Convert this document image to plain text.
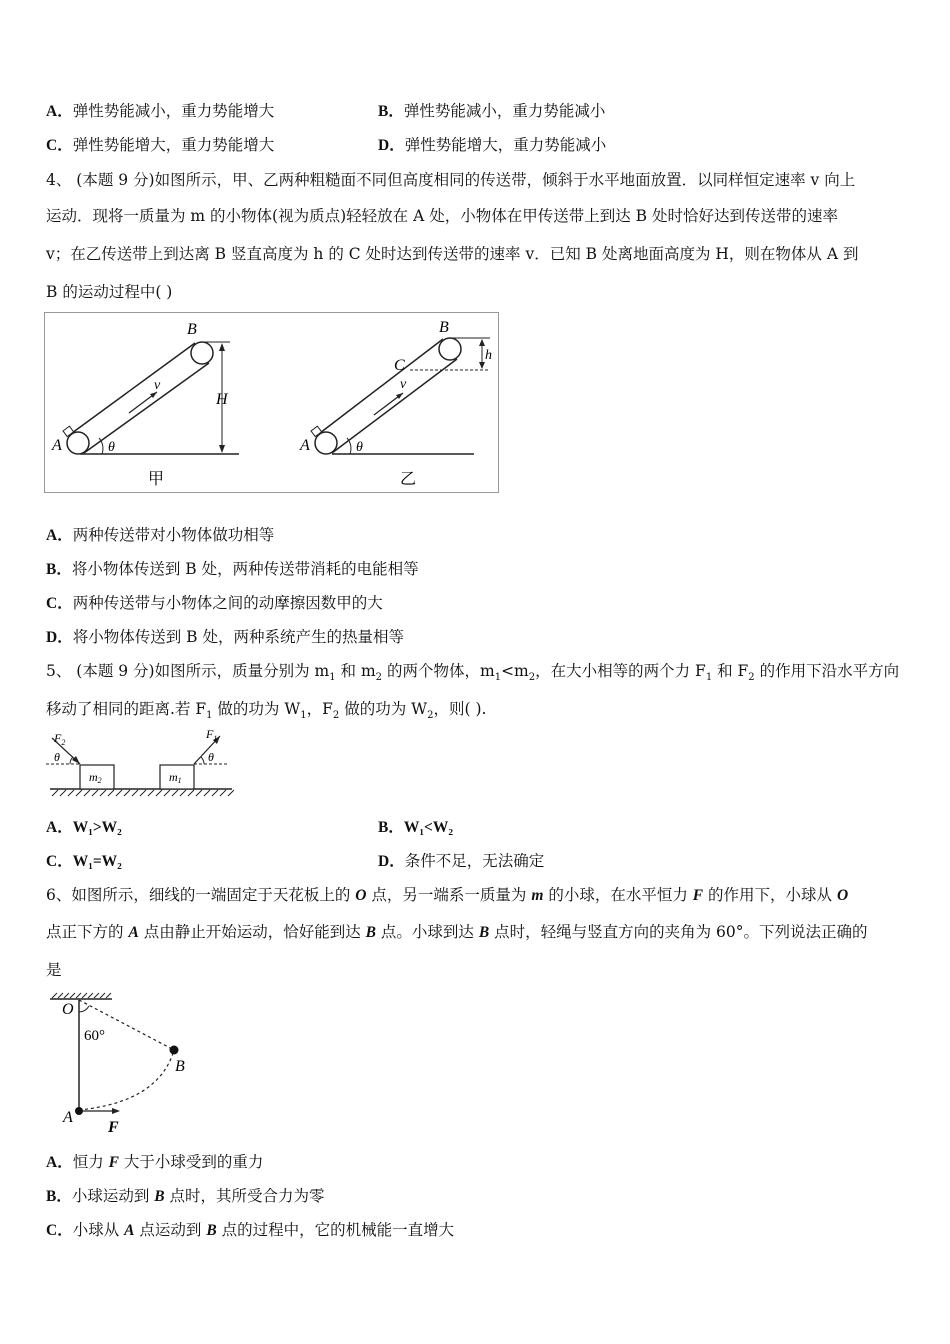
A．弹性势能减小，重力势能增大	B．弹性势能减小，重力势能减小
C．弹性势能增大，重力势能增大	D．弹性势能增大，重力势能减小
4、 (本题 9 分)如图所示，甲、乙两种粗糙面不同但高度相同的传送带，倾斜于水平地面放置．以同样恒定速率 v 向上
运动．现将一质量为 m 的小物体(视为质点)轻轻放在 A 处，小物体在甲传送带上到达 B 处时恰好达到传送带的速率
v；在乙传送带上到达离 B 竖直高度为 h 的 C 处时达到传送带的速率 v．已知 B 处离地面高度为 H，则在物体从 A 到
B 的运动过程中( )
B
A
v
θ
H
甲
B
C
A
v
θ
h
乙
A．两种传送带对小物体做功相等
B．将小物体传送到 B 处，两种传送带消耗的电能相等
C．两种传送带与小物体之间的动摩擦因数甲的大
D．将小物体传送到 B 处，两种系统产生的热量相等
5、 (本题 9 分)如图所示，质量分别为 $m_1$ 和 $m_2$ 的两个物体，$m_1<m_2$，在大小相等的两个力 $F_1$ 和 $F_2$ 的作用下沿水平方向
移动了相同的距离.若 $F_1$ 做的功为 $W_1$，$F_2$ 做的功为 $W_2$，则( ).
$F_2$
$F_1$
θ	θ
m2	m1
A．W₁>W₂	B．W₁<W₂
C．W₁=W₂	D．条件不足，无法确定
6、如图所示，细线的一端固定于天花板上的 O 点，另一端系一质量为 m 的小球，在水平恒力 F 的作用下，小球从 O
点正下方的 A 点由静止开始运动，恰好能到达 B 点。小球到达 B 点时，轻绳与竖直方向的夹角为 60°。下列说法正确的
是
O
60°
B
A
F
A．恒力 F 大于小球受到的重力
B．小球运动到 B 点时，其所受合力为零
C．小球从 A 点运动到 B 点的过程中，它的机械能一直增大
